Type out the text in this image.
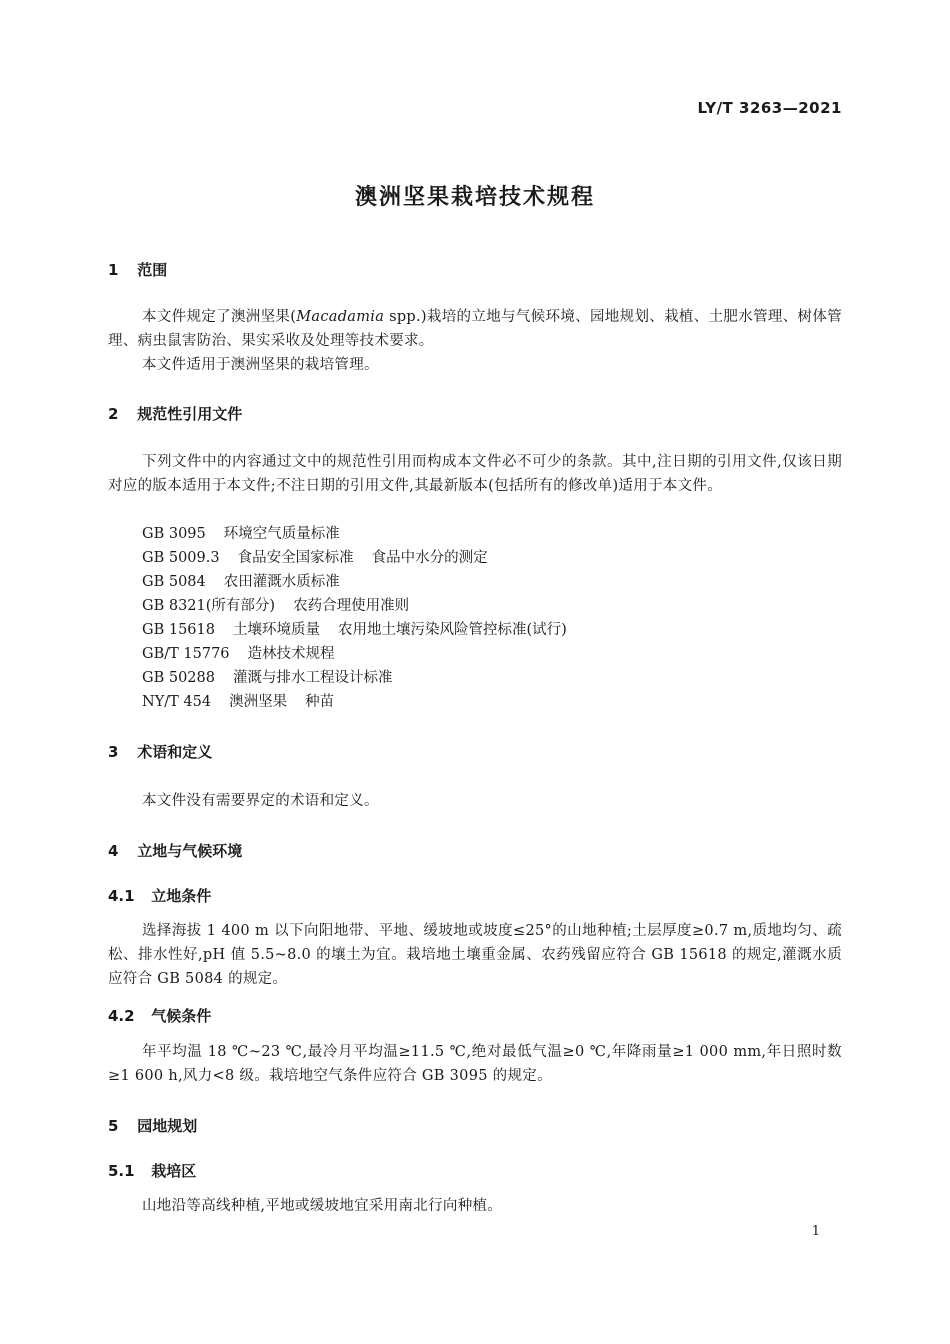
LY/T 3263—2021
澳洲坚果栽培技术规程
1 范围
本文件规定了澳洲坚果(Macadamia spp.)栽培的立地与气候环境、园地规划、栽植、土肥水管理、树体管理、病虫鼠害防治、果实采收及处理等技术要求。
本文件适用于澳洲坚果的栽培管理。
2 规范性引用文件
下列文件中的内容通过文中的规范性引用而构成本文件必不可少的条款。其中,注日期的引用文件,仅该日期对应的版本适用于本文件;不注日期的引用文件,其最新版本(包括所有的修改单)适用于本文件。
GB 3095 环境空气质量标准
GB 5009.3 食品安全国家标准 食品中水分的测定
GB 5084 农田灌溉水质标准
GB 8321(所有部分) 农药合理使用准则
GB 15618 土壤环境质量 农用地土壤污染风险管控标准(试行)
GB/T 15776 造林技术规程
GB 50288 灌溉与排水工程设计标准
NY/T 454 澳洲坚果 种苗
3 术语和定义
本文件没有需要界定的术语和定义。
4 立地与气候环境
4.1 立地条件
选择海拔 1 400 m 以下向阳地带、平地、缓坡地或坡度≤25°的山地种植;土层厚度≥0.7 m,质地均匀、疏松、排水性好,pH 值 5.5~8.0 的壤土为宜。栽培地土壤重金属、农药残留应符合 GB 15618 的规定,灌溉水质应符合 GB 5084 的规定。
4.2 气候条件
年平均温 18 ℃~23 ℃,最冷月平均温≥11.5 ℃,绝对最低气温≥0 ℃,年降雨量≥1 000 mm,年日照时数≥1 600 h,风力<8 级。栽培地空气条件应符合 GB 3095 的规定。
5 园地规划
5.1 栽培区
山地沿等高线种植,平地或缓坡地宜采用南北行向种植。
1
